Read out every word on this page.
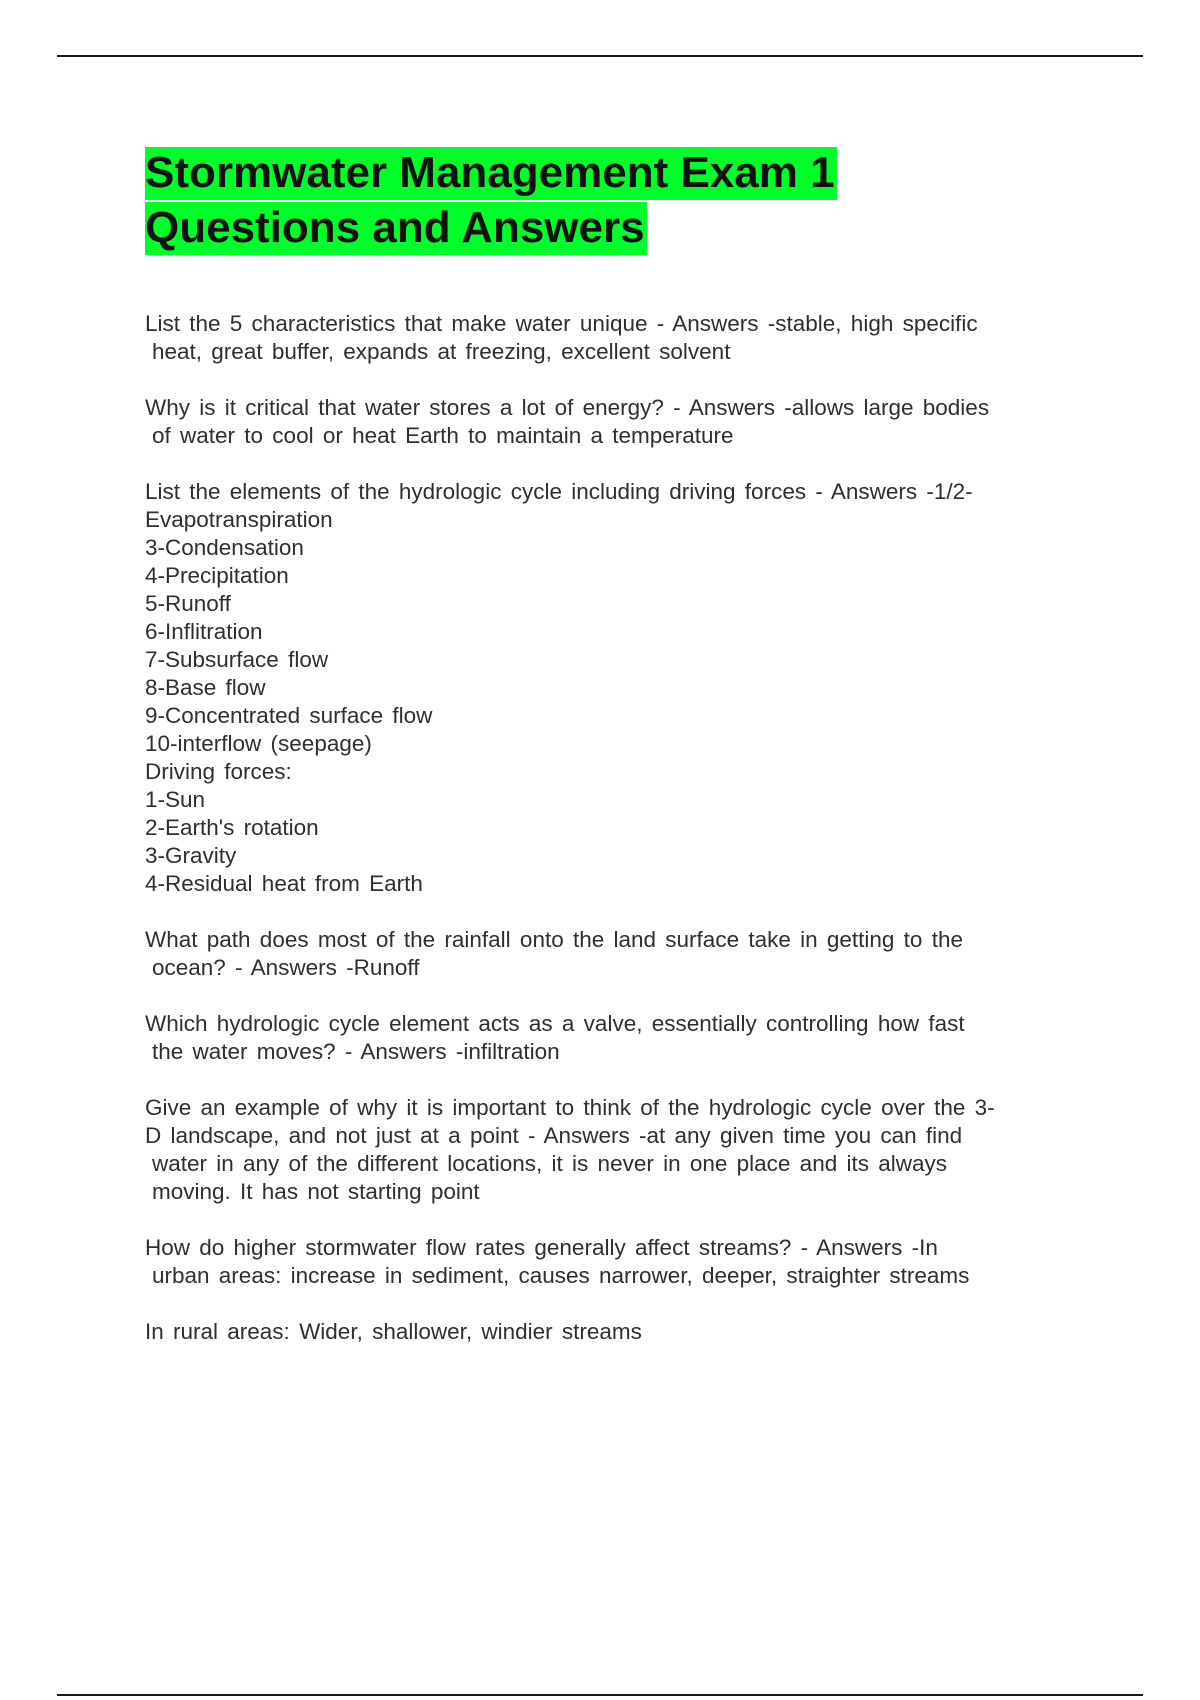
Stormwater Management Exam 1
Questions and Answers
List the 5 characteristics that make water unique - Answers -stable, high specific
heat, great buffer, expands at freezing, excellent solvent
Why is it critical that water stores a lot of energy? - Answers -allows large bodies
of water to cool or heat Earth to maintain a temperature
List the elements of the hydrologic cycle including driving forces - Answers -1/2-
Evapotranspiration
3-Condensation
4-Precipitation
5-Runoff
6-Inflitration
7-Subsurface flow
8-Base flow
9-Concentrated surface flow
10-interflow (seepage)
Driving forces:
1-Sun
2-Earth's rotation
3-Gravity
4-Residual heat from Earth
What path does most of the rainfall onto the land surface take in getting to the
ocean? - Answers -Runoff
Which hydrologic cycle element acts as a valve, essentially controlling how fast
the water moves? - Answers -infiltration
Give an example of why it is important to think of the hydrologic cycle over the 3-
D landscape, and not just at a point - Answers -at any given time you can find
water in any of the different locations, it is never in one place and its always
moving. It has not starting point
How do higher stormwater flow rates generally affect streams? - Answers -In
urban areas: increase in sediment, causes narrower, deeper, straighter streams
In rural areas: Wider, shallower, windier streams
